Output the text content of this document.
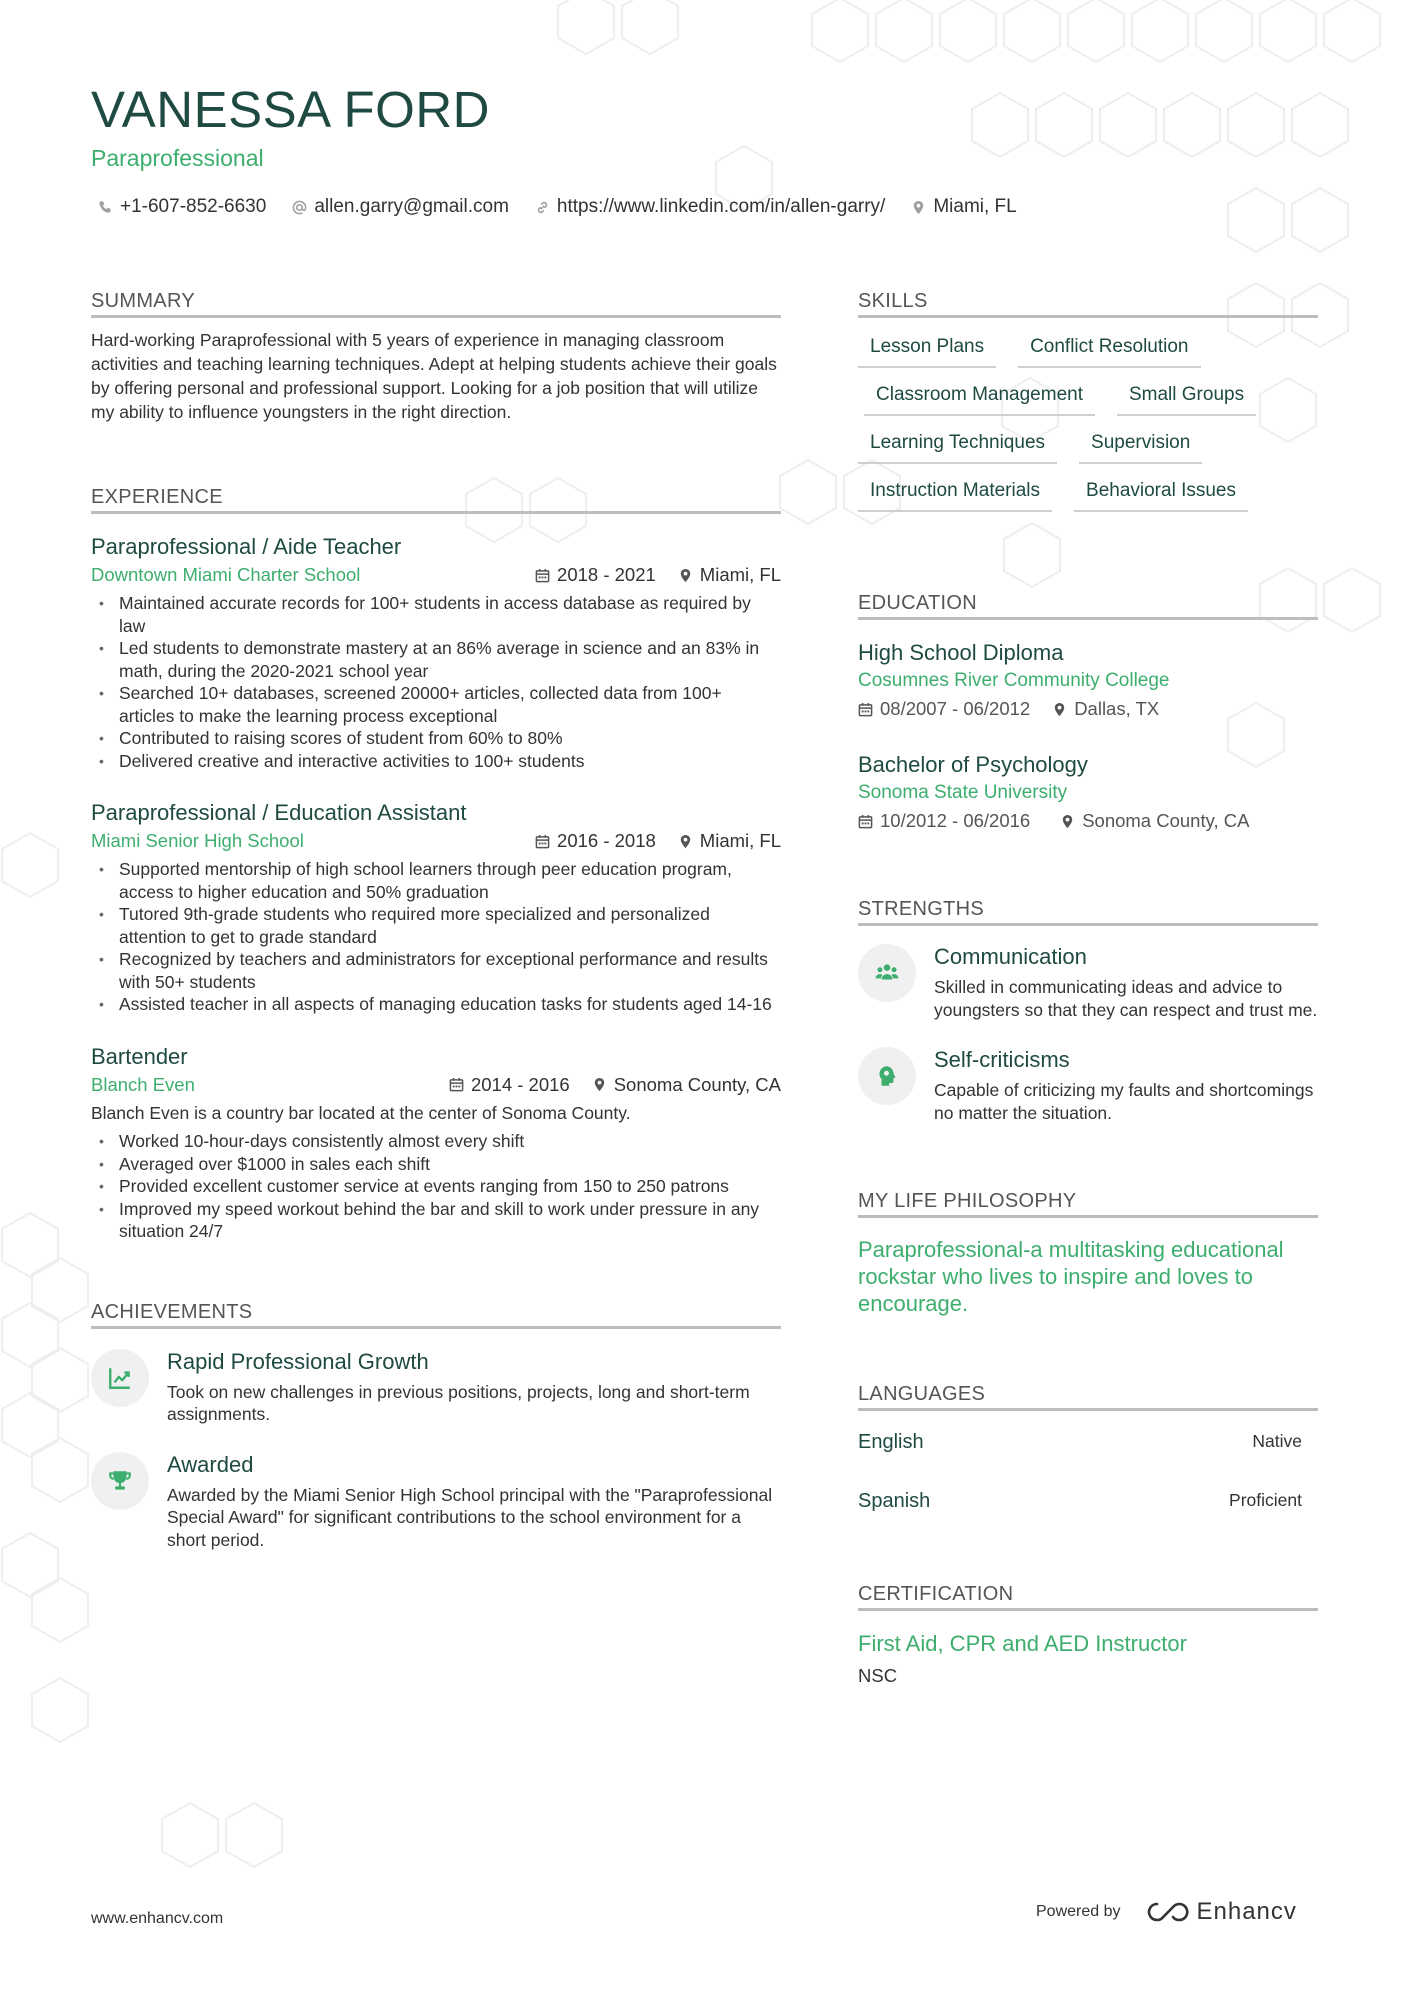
VANESSA FORD
Paraprofessional
+1-607-852-6630	allen.garry@gmail.com	https://www.linkedin.com/in/allen-garry/	Miami, FL
SUMMARY
Hard-working Paraprofessional with 5 years of experience in managing classroom activities and teaching learning techniques. Adept at helping students achieve their goals by offering personal and professional support. Looking for a job position that will utilize my ability to influence youngsters in the right direction.
EXPERIENCE
Paraprofessional / Aide Teacher
Downtown Miami Charter School	2018 - 2021 Miami, FL
• Maintained accurate records for 100+ students in access database as required by law
• Led students to demonstrate mastery at an 86% average in science and an 83% in math, during the 2020-2021 school year
• Searched 10+ databases, screened 20000+ articles, collected data from 100+ articles to make the learning process exceptional
• Contributed to raising scores of student from 60% to 80%
• Delivered creative and interactive activities to 100+ students
Paraprofessional / Education Assistant
Miami Senior High School	2016 - 2018 Miami, FL
• Supported mentorship of high school learners through peer education program, access to higher education and 50% graduation
• Tutored 9th-grade students who required more specialized and personalized attention to get to grade standard
• Recognized by teachers and administrators for exceptional performance and results with 50+ students
• Assisted teacher in all aspects of managing education tasks for students aged 14-16
Bartender
Blanch Even	2014 - 2016 Sonoma County, CA
Blanch Even is a country bar located at the center of Sonoma County.
• Worked 10-hour-days consistently almost every shift
• Averaged over $1000 in sales each shift
• Provided excellent customer service at events ranging from 150 to 250 patrons
• Improved my speed workout behind the bar and skill to work under pressure in any situation 24/7
ACHIEVEMENTS
Rapid Professional Growth
Took on new challenges in previous positions, projects, long and short-term assignments.
Awarded
Awarded by the Miami Senior High School principal with the "Paraprofessional Special Award" for significant contributions to the school environment for a short period.
SKILLS
Lesson Plans	Conflict Resolution
Classroom Management	Small Groups
Learning Techniques	Supervision
Instruction Materials	Behavioral Issues
EDUCATION
High School Diploma
Cosumnes River Community College
08/2007 - 06/2012 Dallas, TX
Bachelor of Psychology
Sonoma State University
10/2012 - 06/2016	Sonoma County, CA
STRENGTHS
Communication
Skilled in communicating ideas and advice to youngsters so that they can respect and trust me.
Self-criticisms
Capable of criticizing my faults and shortcomings no matter the situation.
MY LIFE PHILOSOPHY
Paraprofessional-a multitasking educational rockstar who lives to inspire and loves to encourage.
LANGUAGES
English	Native
Spanish	Proficient
CERTIFICATION
First Aid, CPR and AED Instructor
NSC
www.enhancv.com	Powered by	Enhancv
